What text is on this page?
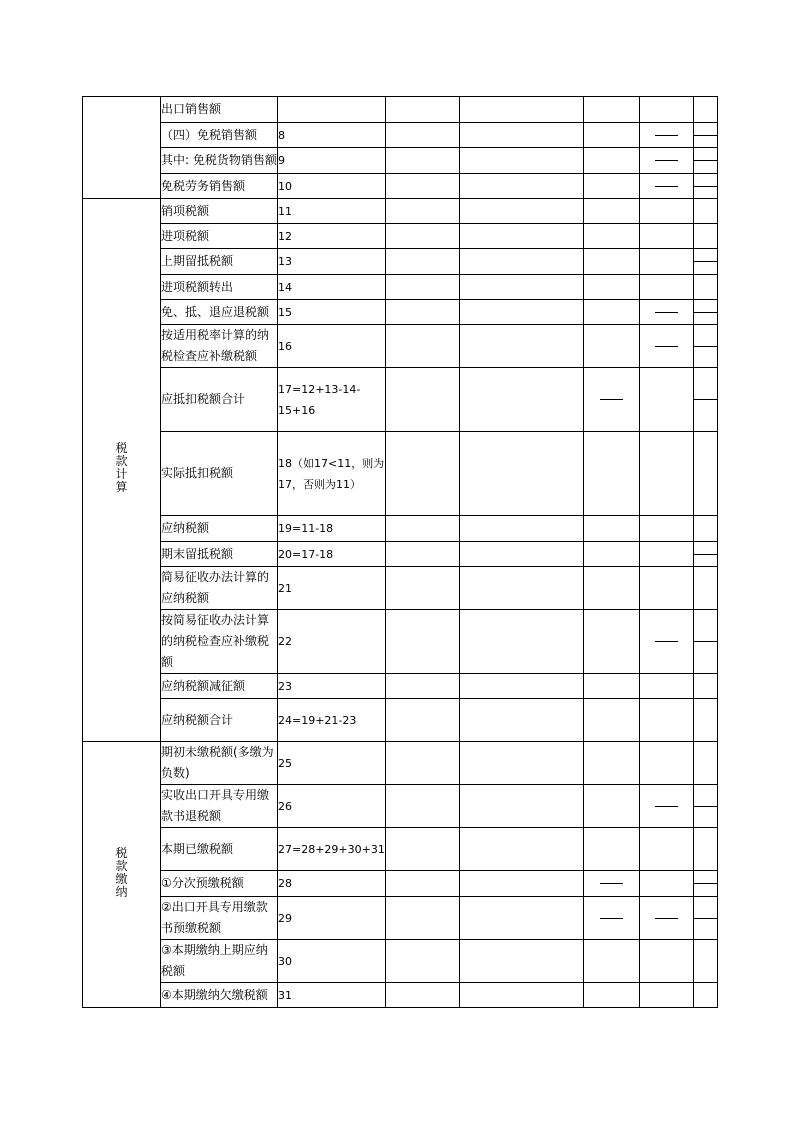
	出口销售额						
	（四）免税销售额	8				

	其中: 免税货物销售额	9				

	免税劳务销售额	10				

税款计算	销项税额	11					
	进项税额	12					
	上期留抵税额	13					

	进项税额转出	14					
	免、抵、退应退税额	15				

	按适用税率计算的纳税检查应补缴税额	16				

	应抵扣税额合计	17=12+13-14-15+16			

	实际抵扣税额	18（如17<11，则为17，否则为11）					
	应纳税额	19=11-18					
	期末留抵税额	20=17-18					

	简易征收办法计算的应纳税额	21					
	按简易征收办法计算的纳税检查应补缴税额	22				

	应纳税额减征额	23					
	应纳税额合计	24=19+21-23					
税款缴纳	期初未缴税额(多缴为负数)	25					
	实收出口开具专用缴款书退税额	26				

	本期已缴税额	27=28+29+30+31					
	①分次预缴税额	28			

	②出口开具专用缴款书预缴税额	29			

	③本期缴纳上期应纳税额	30					
	④本期缴纳欠缴税额	31					
